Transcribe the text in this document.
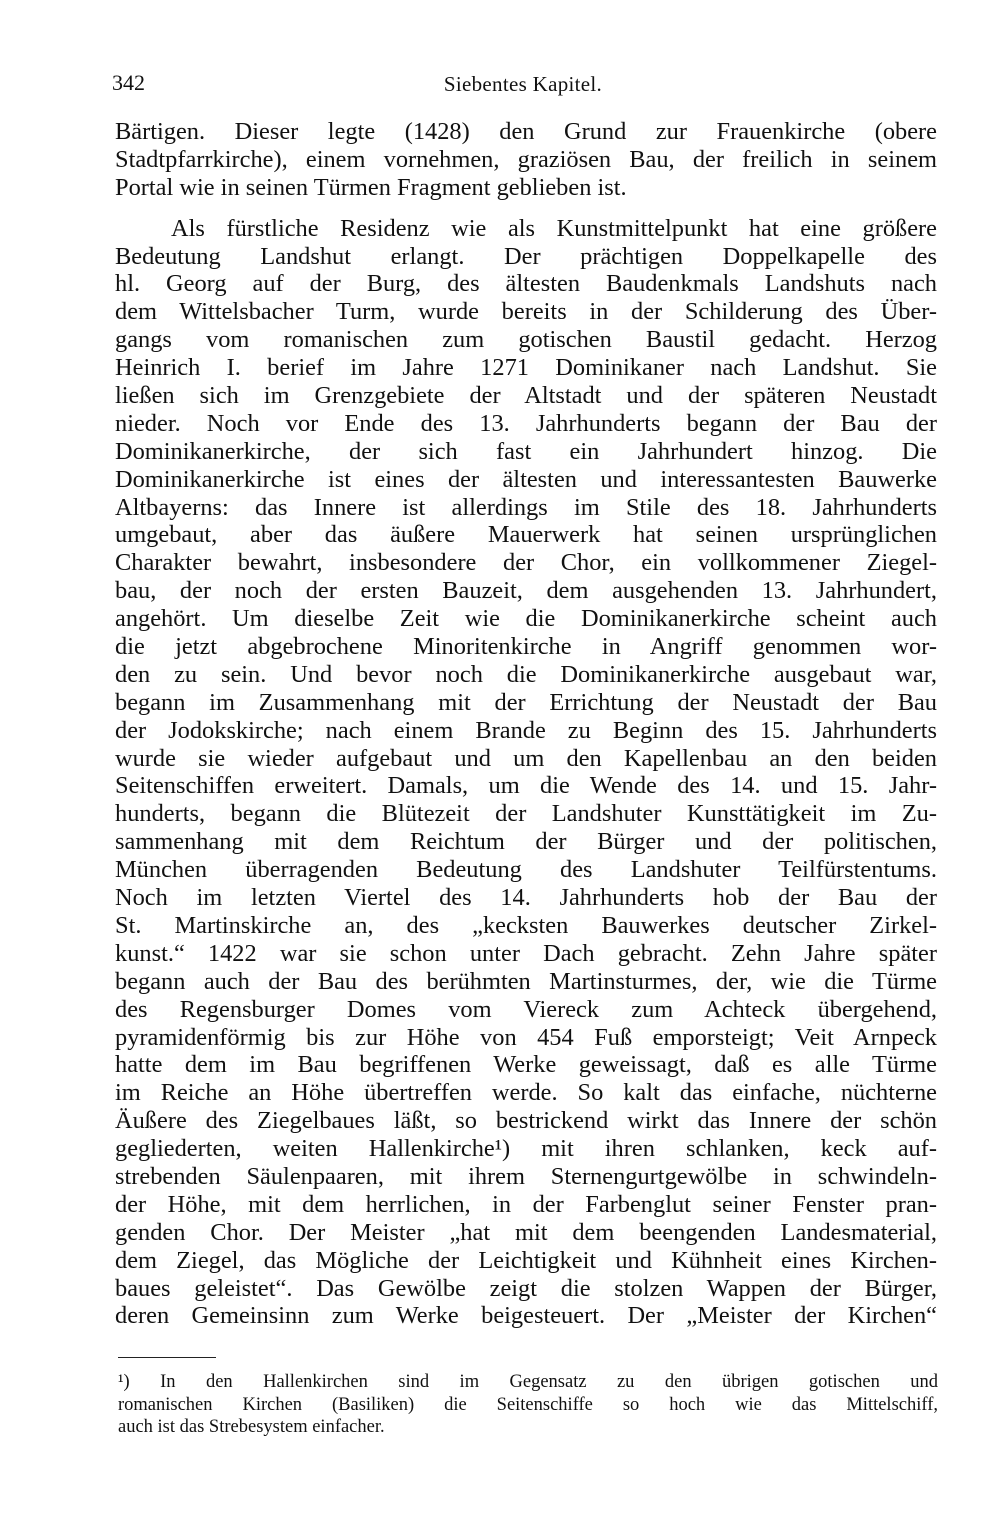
342	Siebentes Kapitel.

Bärtigen. Dieser legte (1428) den Grund zur Frauenkirche (obere
Stadtpfarrkirche), einem vornehmen, graziösen Bau, der freilich in seinem
Portal wie in seinen Türmen Fragment geblieben ist.

Als fürstliche Residenz wie als Kunstmittelpunkt hat eine größere
Bedeutung Landshut erlangt. Der prächtigen Doppelkapelle des
hl. Georg auf der Burg, des ältesten Baudenkmals Landshuts nach
dem Wittelsbacher Turm, wurde bereits in der Schilderung des Über-
gangs vom romanischen zum gotischen Baustil gedacht. Herzog
Heinrich I. berief im Jahre 1271 Dominikaner nach Landshut. Sie
ließen sich im Grenzgebiete der Altstadt und der späteren Neustadt
nieder. Noch vor Ende des 13. Jahrhunderts begann der Bau der
Dominikanerkirche, der sich fast ein Jahrhundert hinzog. Die
Dominikanerkirche ist eines der ältesten und interessantesten Bauwerke
Altbayerns: das Innere ist allerdings im Stile des 18. Jahrhunderts
umgebaut, aber das äußere Mauerwerk hat seinen ursprünglichen
Charakter bewahrt, insbesondere der Chor, ein vollkommener Ziegel-
bau, der noch der ersten Bauzeit, dem ausgehenden 13. Jahrhundert,
angehört. Um dieselbe Zeit wie die Dominikanerkirche scheint auch
die jetzt abgebrochene Minoritenkirche in Angriff genommen wor-
den zu sein. Und bevor noch die Dominikanerkirche ausgebaut war,
begann im Zusammenhang mit der Errichtung der Neustadt der Bau
der Jodokskirche; nach einem Brande zu Beginn des 15. Jahrhunderts
wurde sie wieder aufgebaut und um den Kapellenbau an den beiden
Seitenschiffen erweitert. Damals, um die Wende des 14. und 15. Jahr-
hunderts, begann die Blütezeit der Landshuter Kunsttätigkeit im Zu-
sammenhang mit dem Reichtum der Bürger und der politischen,
München überragenden Bedeutung des Landshuter Teilfürstentums.
Noch im letzten Viertel des 14. Jahrhunderts hob der Bau der
St. Martinskirche an, des „kecksten Bauwerkes deutscher Zirkel-
kunst.“ 1422 war sie schon unter Dach gebracht. Zehn Jahre später
begann auch der Bau des berühmten Martinsturmes, der, wie die Türme
des Regensburger Domes vom Viereck zum Achteck übergehend,
pyramidenförmig bis zur Höhe von 454 Fuß emporsteigt; Veit Arnpeck
hatte dem im Bau begriffenen Werke geweissagt, daß es alle Türme
im Reiche an Höhe übertreffen werde. So kalt das einfache, nüchterne
Äußere des Ziegelbaues läßt, so bestrickend wirkt das Innere der schön
gegliederten, weiten Hallenkirche¹) mit ihren schlanken, keck auf-
strebenden Säulenpaaren, mit ihrem Sternengurtgewölbe in schwindeln-
der Höhe, mit dem herrlichen, in der Farbenglut seiner Fenster pran-
genden Chor. Der Meister „hat mit dem beengenden Landesmaterial,
dem Ziegel, das Mögliche der Leichtigkeit und Kühnheit eines Kirchen-
baues geleistet“. Das Gewölbe zeigt die stolzen Wappen der Bürger,
deren Gemeinsinn zum Werke beigesteuert. Der „Meister der Kirchen“

¹) In den Hallenkirchen sind im Gegensatz zu den übrigen gotischen und
romanischen Kirchen (Basiliken) die Seitenschiffe so hoch wie das Mittelschiff,
auch ist das Strebesystem einfacher.
